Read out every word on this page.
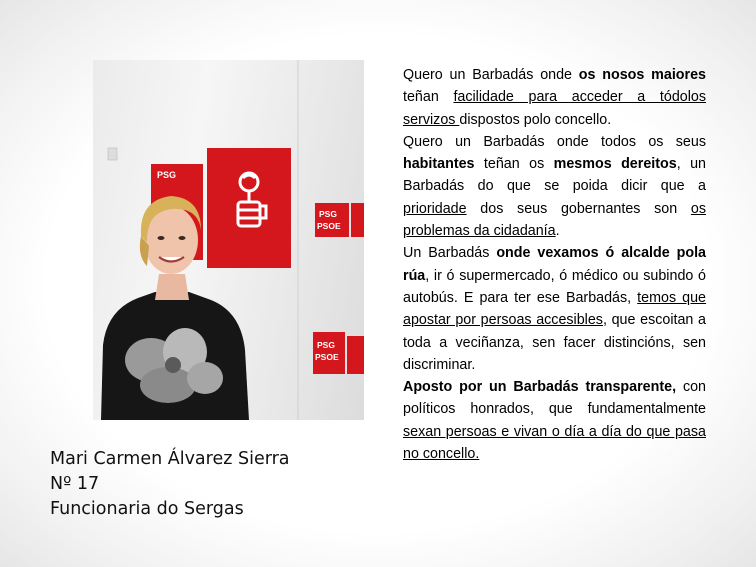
PSG
PSG
PSOE
PSG
PSOE
Mari Carmen Álvarez Sierra
Nº 17
Funcionaria do Sergas

Quero un Barbadás onde os nosos maiores teñan facilidade para acceder a tódolos servizos dispostos polo concello.

Quero un Barbadás onde todos os seus habitantes teñan os mesmos dereitos, un Barbadás do que se poida dicir que a prioridade dos seus gobernantes son os problemas da cidadanía.

Un Barbadás onde vexamos ó alcalde pola rúa, ir ó supermercado, ó médico ou subindo ó autobús. E para ter ese Barbadás, temos que apostar por persoas accesibles, que escoitan a toda a veciñanza, sen facer distincións, sen discriminar.

Aposto por un Barbadás transparente, con políticos honrados, que fundamentalmente sexan persoas e vivan o día a día do que pasa no concello.
